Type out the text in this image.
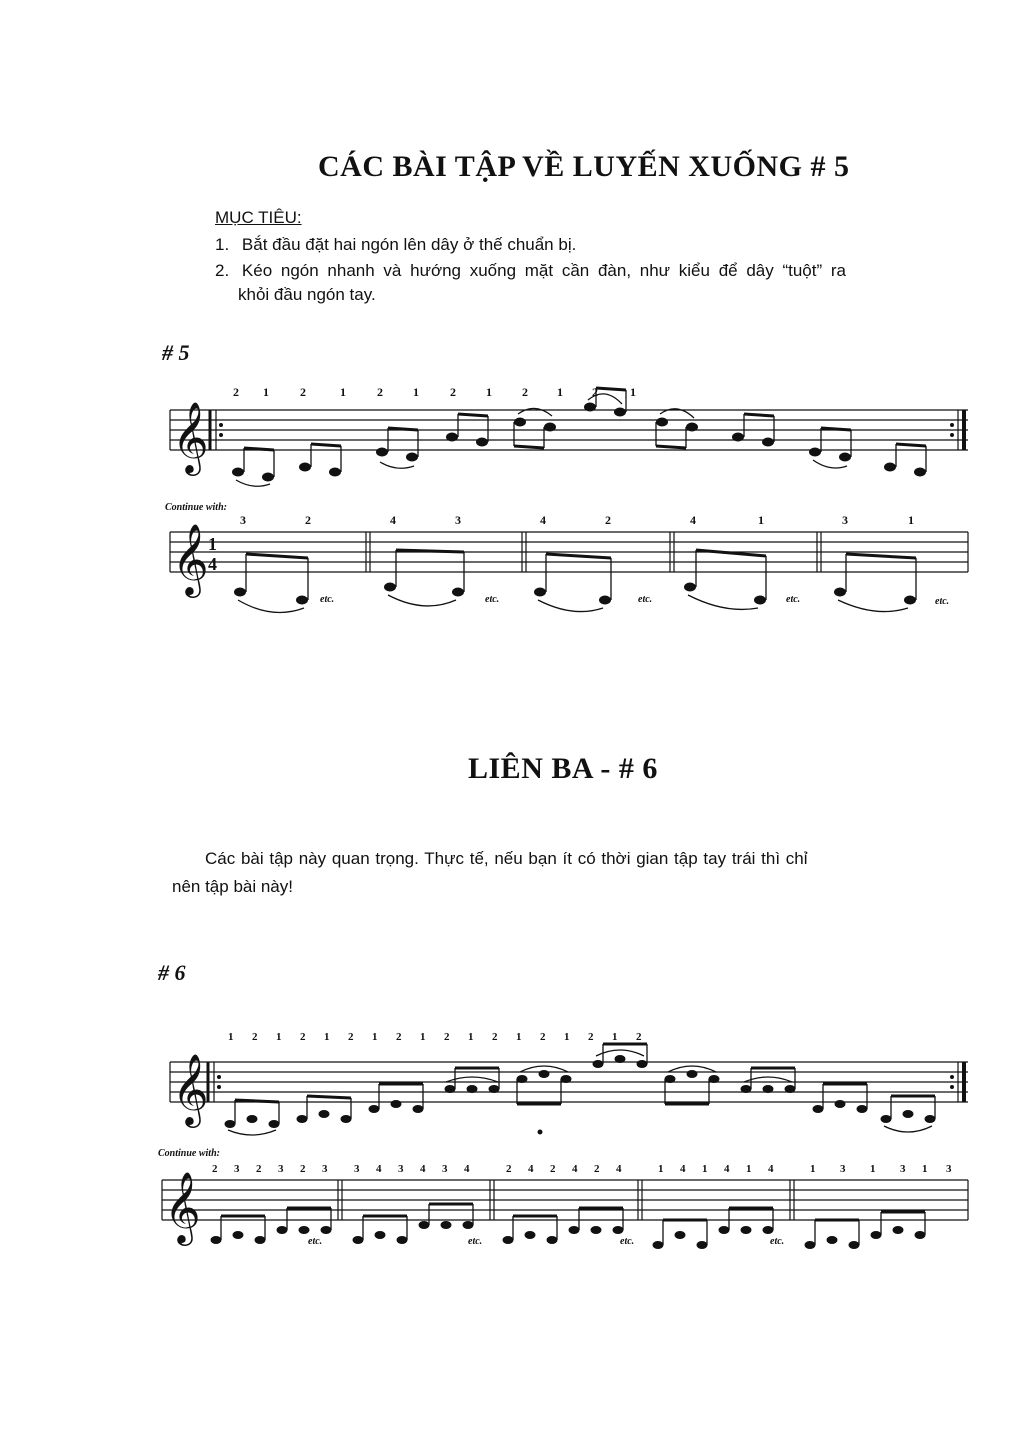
CÁC BÀI TẬP VỀ LUYẾN XUỐNG # 5
MỤC TIÊU:
1. Bắt đầu đặt hai ngón lên dây ở thế chuẩn bị.
2. Kéo ngón nhanh và hướng xuống mặt cần đàn, như kiểu để dây “tuột” ra
khỏi đầu ngón tay.
# 5
𝄞
2 1	2	1	2	1	2	1	2 1 2	1
Continue with:
𝄞 1
4
3	2	4	3	4	2	4	1	3	1
etc.	etc.	etc.	etc.	etc.
LIÊN BA - # 6
Các bài tập này quan trọng. Thực tế, nếu bạn ít có thời gian tập tay trái thì chỉ
nên tập bài này!
# 6
𝄞
1 2 1 2 1 2 1 2 1 2 1 2 1 2 1 2 1 2
Continue with:
𝄞
2 3 2 3 2 3 3 4 3 4 3 4	2 4 2 4 2 4	1 4 1 4 1 4	1 3 1 3 1 3
etc.	etc.	etc.	etc.
